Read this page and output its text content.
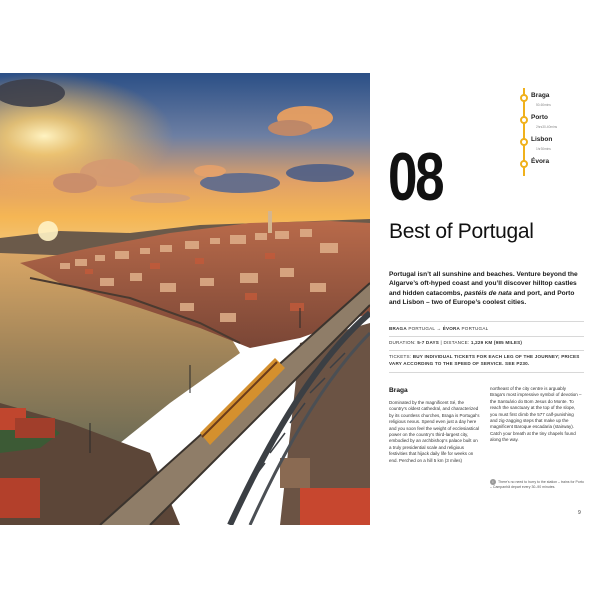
Braga
50-60mins
Porto
2hrs30-40mins
Lisbon
1hr30mins
Évora
08
Best of Portugal

Portugal isn’t all sunshine and beaches. Venture beyond the Algarve’s oft-hyped coast and you’ll discover hilltop castles and hidden catacombs, pastéis de nata and port, and Porto and Lisbon – two of Europe’s coolest cities.

BRAGA PORTUGAL → ÉVORA PORTUGAL
DURATION: 5-7 DAYS | DISTANCE: 1,229 KM (985 MILES)
TICKETS: BUY INDIVIDUAL TICKETS FOR EACH LEG OF THE JOURNEY; PRICES VARY ACCORDING TO THE SPEED OF SERVICE. SEE P230.
Braga

Dominated by the magnificent Sé, the country’s oldest cathedral, and characterized by its countless churches, Braga is Portugal’s religious nexus. Spend even just a day here and you soon feel the weight of ecclesiastical power on the country’s third-largest city, embodied by an archbishop’s palace built on a truly presidential scale and religious festivities that hijack daily life for weeks on end. Perched on a hill 5 km (3 miles)

northeast of the city centre is arguably Braga’s most impressive symbol of devotion – the Santuário do Bom Jesus do Monte. To reach the sanctuary at the top of the slope, you must first climb the 577 calf-punishing and zig-zagging steps that make up the magnificent Baroque escadaria (stairway). Catch your breath at the tiny chapels found along the way.

i There’s no need to hurry to the station – trains for Porto – Campanhã depart every 30–90 minutes.
9
